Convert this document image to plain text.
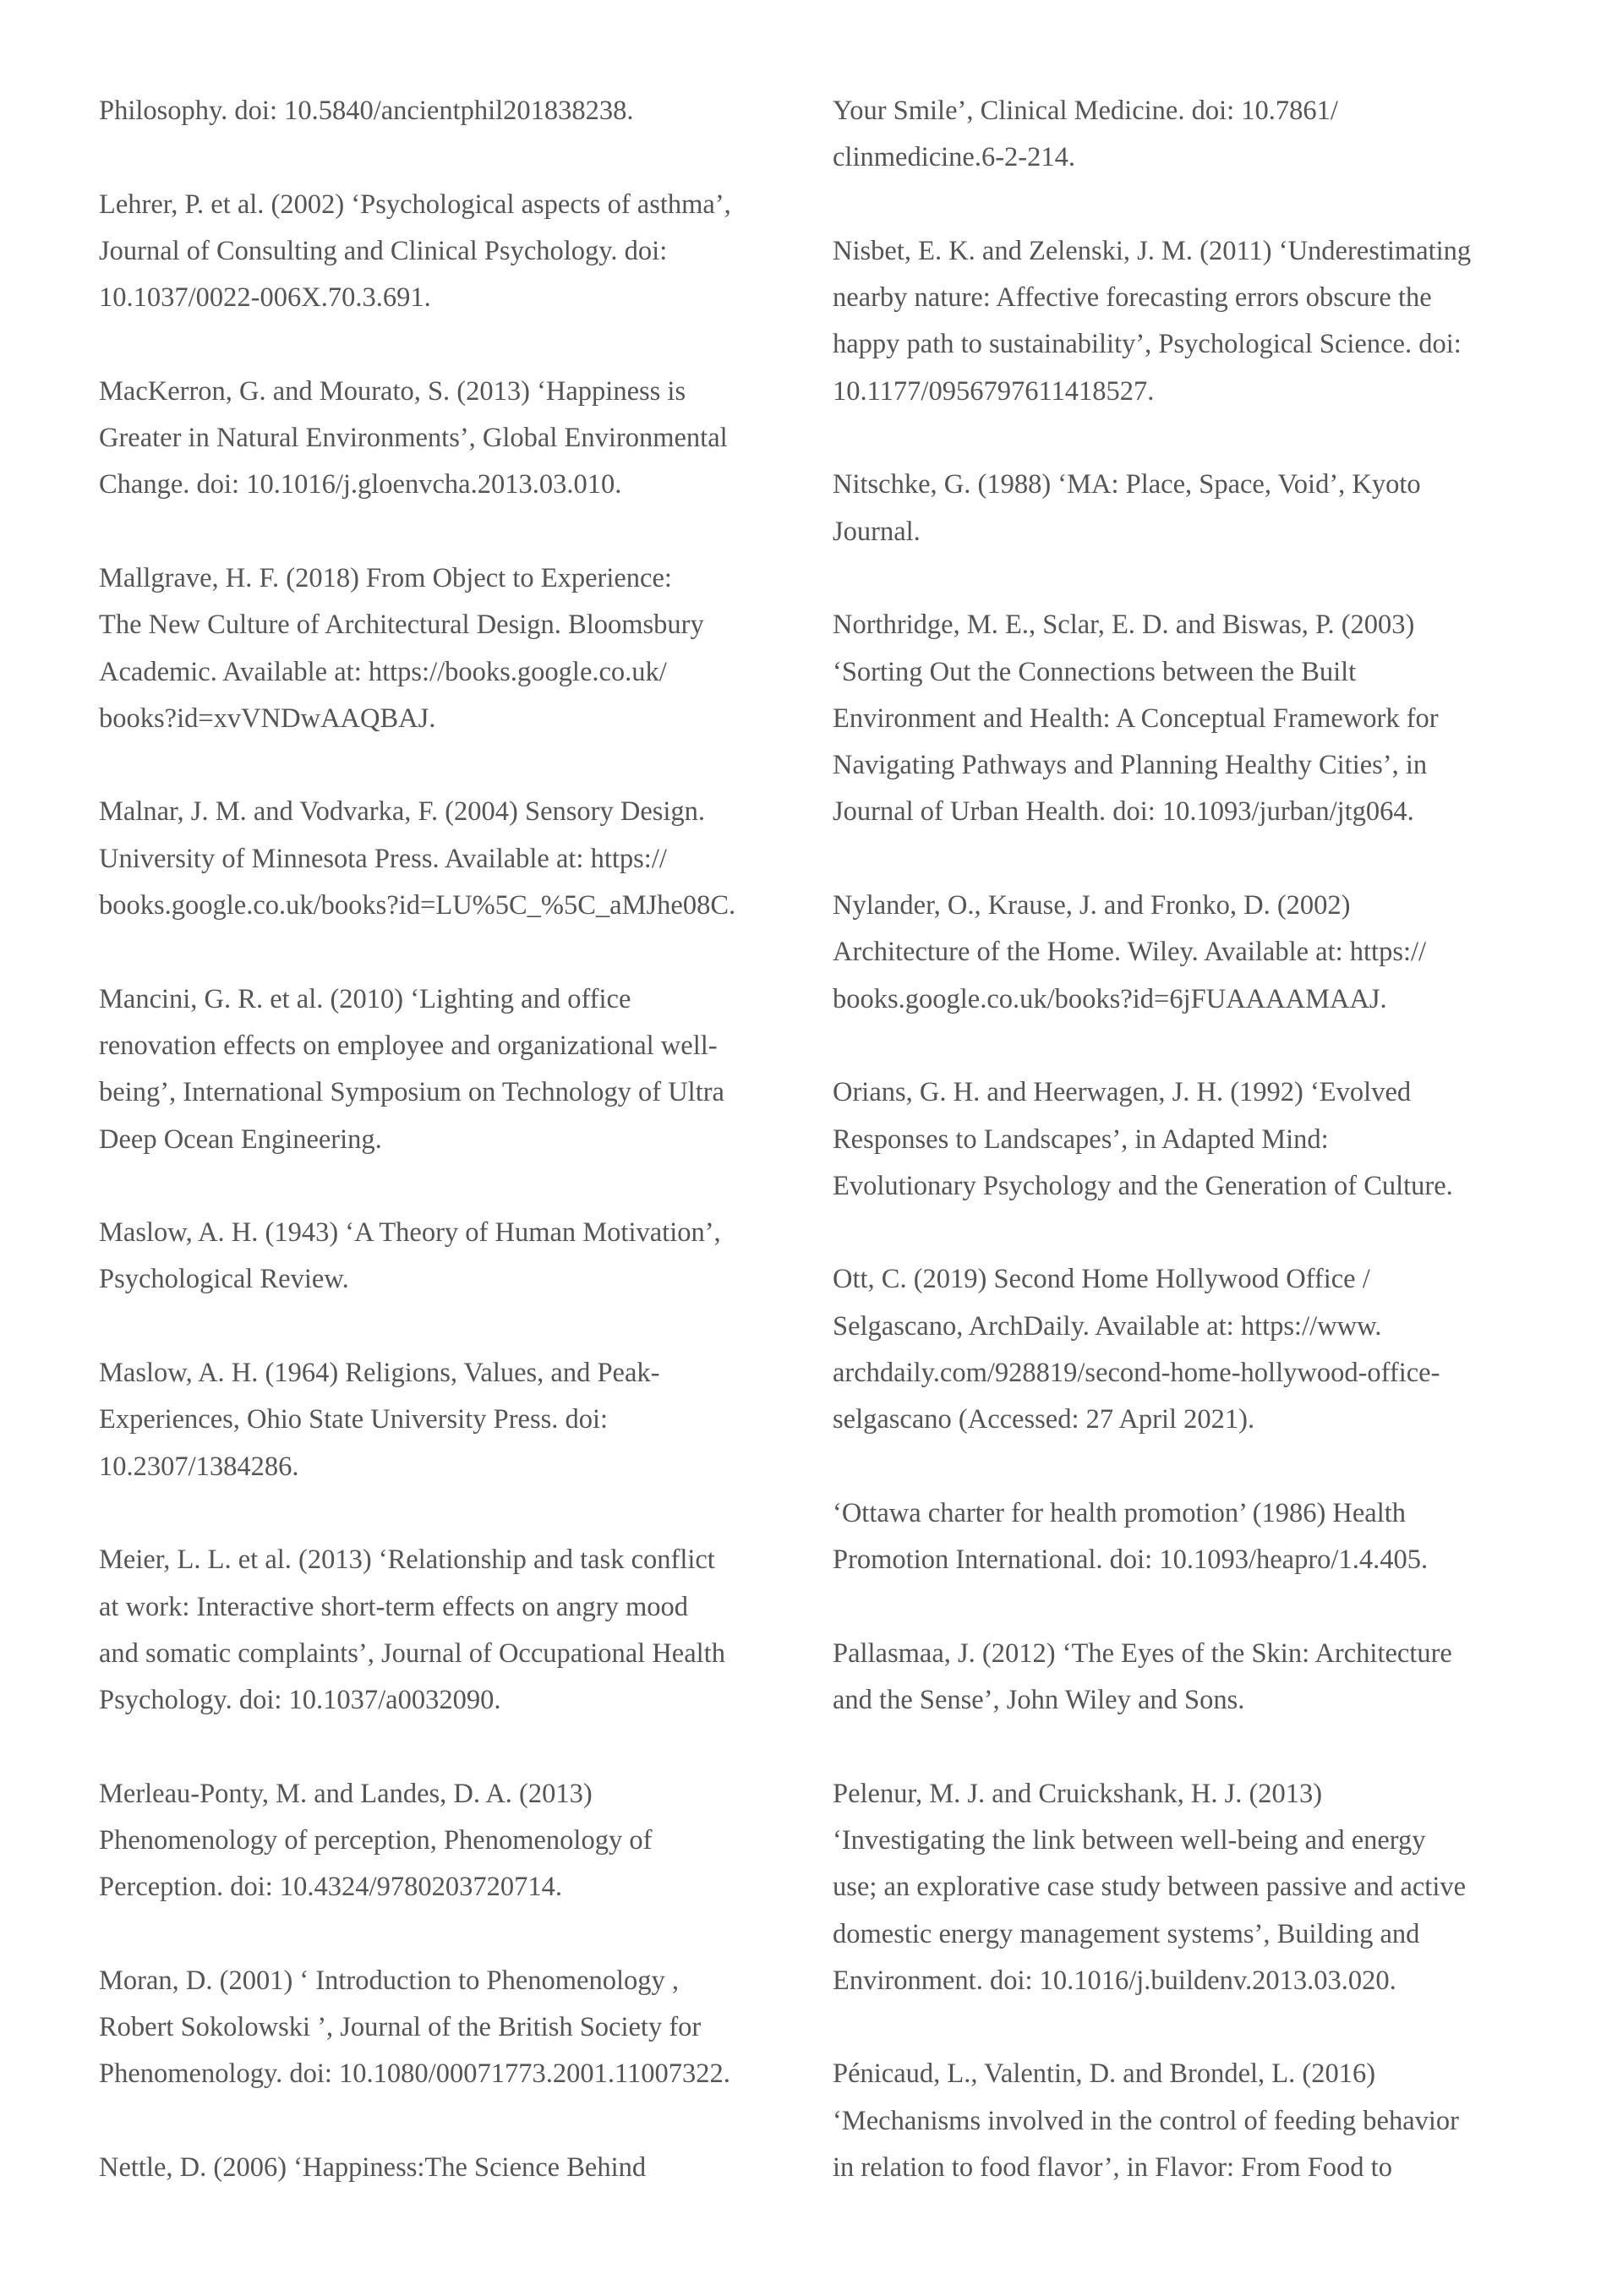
Philosophy. doi: 10.5840/ancientphil201838238.

Lehrer, P. et al. (2002) ‘Psychological aspects of asthma’,
Journal of Consulting and Clinical Psychology. doi:
10.1037/0022-006X.70.3.691.

MacKerron, G. and Mourato, S. (2013) ‘Happiness is
Greater in Natural Environments’, Global Environmental
Change. doi: 10.1016/j.gloenvcha.2013.03.010.

Mallgrave, H. F. (2018) From Object to Experience:
The New Culture of Architectural Design. Bloomsbury
Academic. Available at: https://books.google.co.uk/
books?id=xvVNDwAAQBAJ.

Malnar, J. M. and Vodvarka, F. (2004) Sensory Design.
University of Minnesota Press. Available at: https://
books.google.co.uk/books?id=LU%5C_%5C_aMJhe08C.

Mancini, G. R. et al. (2010) ‘Lighting and office
renovation effects on employee and organizational well-
being’, International Symposium on Technology of Ultra
Deep Ocean Engineering.

Maslow, A. H. (1943) ‘A Theory of Human Motivation’,
Psychological Review.

Maslow, A. H. (1964) Religions, Values, and Peak-
Experiences, Ohio State University Press. doi:
10.2307/1384286.

Meier, L. L. et al. (2013) ‘Relationship and task conflict
at work: Interactive short-term effects on angry mood
and somatic complaints’, Journal of Occupational Health
Psychology. doi: 10.1037/a0032090.

Merleau-Ponty, M. and Landes, D. A. (2013)
Phenomenology of perception, Phenomenology of
Perception. doi: 10.4324/9780203720714.

Moran, D. (2001) ‘ Introduction to Phenomenology ,
Robert Sokolowski ’, Journal of the British Society for
Phenomenology. doi: 10.1080/00071773.2001.11007322.

Nettle, D. (2006) ‘Happiness:The Science Behind

Your Smile’, Clinical Medicine. doi: 10.7861/
clinmedicine.6-2-214.

Nisbet, E. K. and Zelenski, J. M. (2011) ‘Underestimating
nearby nature: Affective forecasting errors obscure the
happy path to sustainability’, Psychological Science. doi:
10.1177/0956797611418527.

Nitschke, G. (1988) ‘MA: Place, Space, Void’, Kyoto
Journal.

Northridge, M. E., Sclar, E. D. and Biswas, P. (2003)
‘Sorting Out the Connections between the Built
Environment and Health: A Conceptual Framework for
Navigating Pathways and Planning Healthy Cities’, in
Journal of Urban Health. doi: 10.1093/jurban/jtg064.

Nylander, O., Krause, J. and Fronko, D. (2002)
Architecture of the Home. Wiley. Available at: https://
books.google.co.uk/books?id=6jFUAAAAMAAJ.

Orians, G. H. and Heerwagen, J. H. (1992) ‘Evolved
Responses to Landscapes’, in Adapted Mind:
Evolutionary Psychology and the Generation of Culture.

Ott, C. (2019) Second Home Hollywood Office /
Selgascano, ArchDaily. Available at: https://www.
archdaily.com/928819/second-home-hollywood-office-
selgascano (Accessed: 27 April 2021).

‘Ottawa charter for health promotion’ (1986) Health
Promotion International. doi: 10.1093/heapro/1.4.405.

Pallasmaa, J. (2012) ‘The Eyes of the Skin: Architecture
and the Sense’, John Wiley and Sons.

Pelenur, M. J. and Cruickshank, H. J. (2013)
‘Investigating the link between well-being and energy
use; an explorative case study between passive and active
domestic energy management systems’, Building and
Environment. doi: 10.1016/j.buildenv.2013.03.020.

Pénicaud, L., Valentin, D. and Brondel, L. (2016)
‘Mechanisms involved in the control of feeding behavior
in relation to food flavor’, in Flavor: From Food to
